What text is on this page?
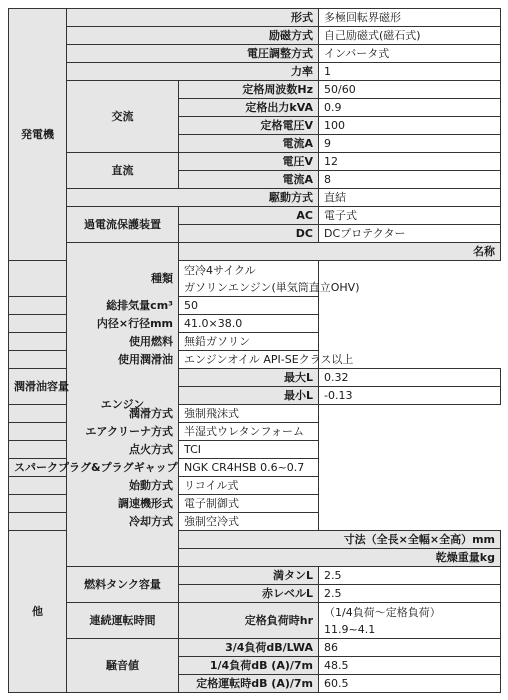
発電機	形式		多極回転界磁形	
	励磁方式		自己励磁式(磁石式)	
	電圧調整方式		インバータ式	
	力率		1	
	交流	定格周波数Hz	50/60	
		定格出力kVA	0.9	
		定格電圧V	100	
		電流A	9	
	直流	電圧V	12	
		電流A	8	
	駆動方式		直結	
	過電流保護装置	AC	電子式	
		DC	DCプロテクター	
	エンジン	名称	
種類		空冷4サイクル
ガソリンエンジン(単気筒直立OHV)		

総排気量cm³		50		
内径×行径mm		41.0×38.0		
使用燃料		無鉛ガソリン		
使用潤滑油		エンジンオイル API-SEクラス以上		
潤滑油容量		最大L	0.32	
		最小L	-0.13	
潤滑方式		強制飛沫式		
エアクリーナ方式		半湿式ウレタンフォーム		
点火方式		TCI		
スパークプラグ&プラグギャップ		NGK CR4HSB 0.6~0.7		
始動方式		リコイル式		
調速機形式		電子制御式		
冷却方式		強制空冷式		
他		寸法（全長×全幅×全高）mm	
		乾燥重量kg	
	燃料タンク容量	満タンL	2.5	
		赤レベルL	2.5	
	連続運転時間	定格負荷時hr	（1/4負荷～定格負荷）
11.9~4.1	

	騒音値	3/4負荷dB/LWA	86	
		1/4負荷dB (A)/7m	48.5	
		定格運転時dB (A)/7m	60.5	
